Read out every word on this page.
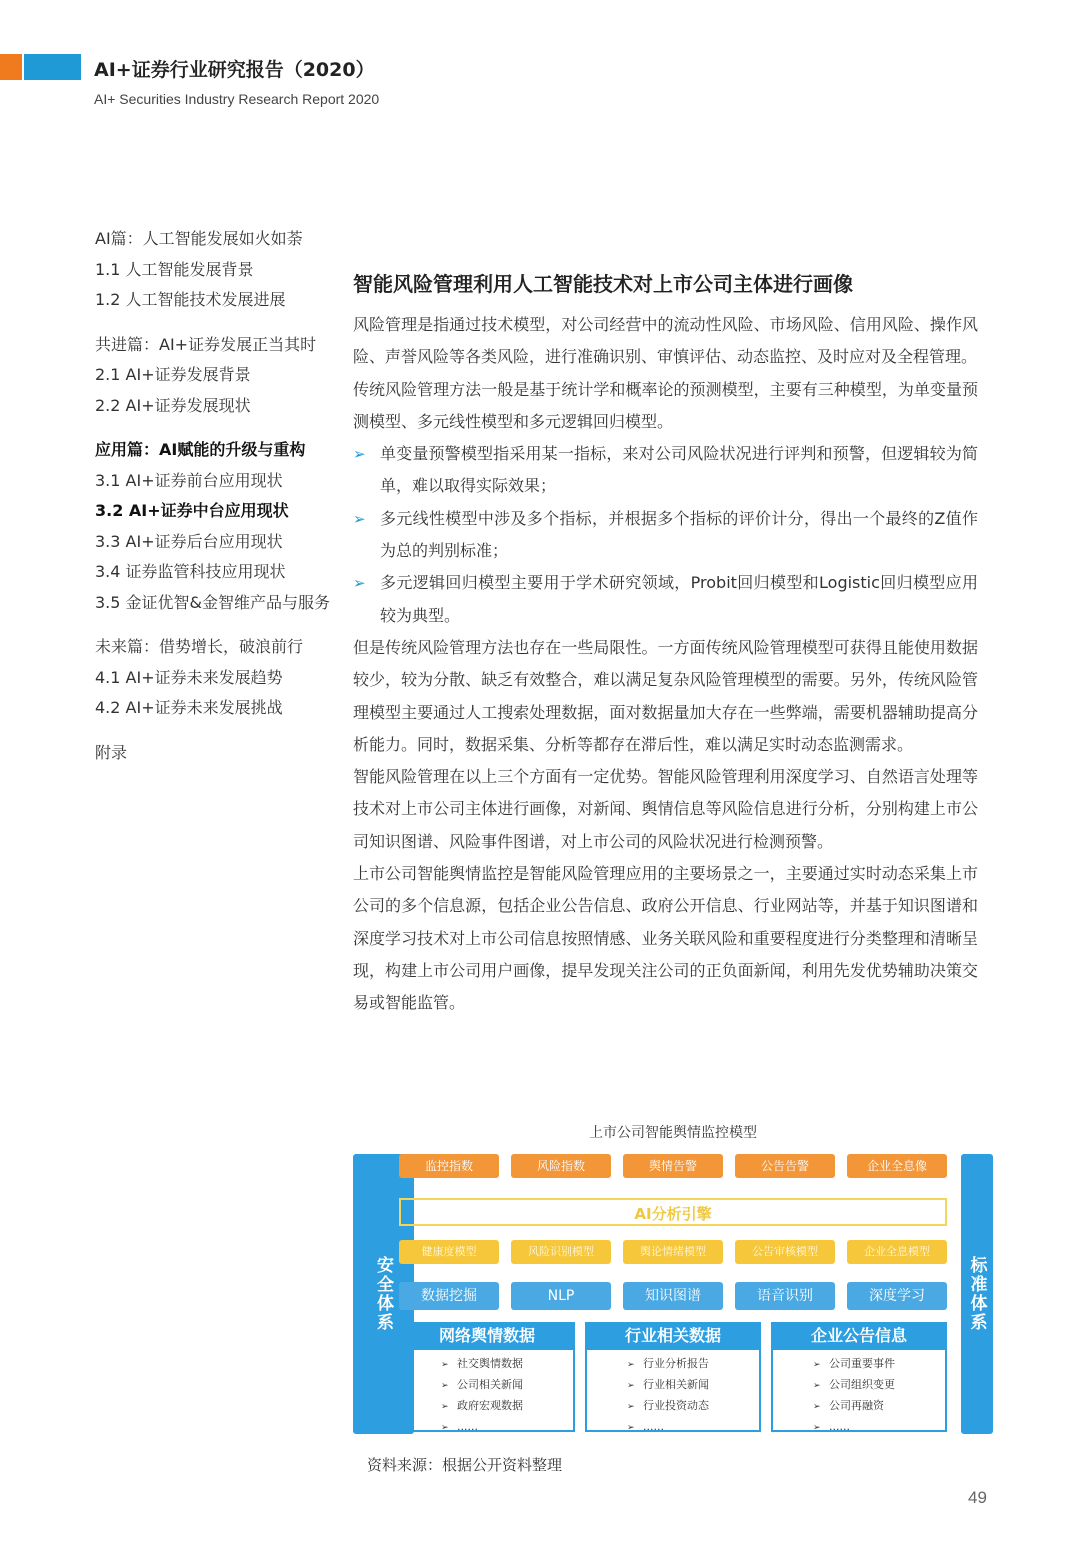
AI+证券行业研究报告（2020）
AI+ Securities Industry Research Report 2020
AI篇：人工智能发展如火如荼
1.1 人工智能发展背景
1.2 人工智能技术发展进展
共进篇：AI+证券发展正当其时
2.1 AI+证券发展背景
2.2 AI+证券发展现状
应用篇：AI赋能的升级与重构
3.1 AI+证券前台应用现状
3.2 AI+证券中台应用现状
3.3 AI+证券后台应用现状
3.4 证券监管科技应用现状
3.5 金证优智&金智维产品与服务
未来篇：借势增长，破浪前行
4.1 AI+证券未来发展趋势
4.2 AI+证券未来发展挑战
附录
智能风险管理利用人工智能技术对上市公司主体进行画像

风险管理是指通过技术模型，对公司经营中的流动性风险、市场风险、信用风险、操作风险、声誉风险等各类风险，进行准确识别、审慎评估、动态监控、及时应对及全程管理。

传统风险管理方法一般是基于统计学和概率论的预测模型，主要有三种模型，为单变量预测模型、多元线性模型和多元逻辑回归模型。

➢ 单变量预警模型指采用某一指标，来对公司风险状况进行评判和预警，但逻辑较为简单，难以取得实际效果；
➢ 多元线性模型中涉及多个指标，并根据多个指标的评价计分，得出一个最终的Z值作为总的判别标准；
➢ 多元逻辑回归模型主要用于学术研究领域，Probit回归模型和Logistic回归模型应用较为典型。

但是传统风险管理方法也存在一些局限性。一方面传统风险管理模型可获得且能使用数据较少，较为分散、缺乏有效整合，难以满足复杂风险管理模型的需要。另外，传统风险管理模型主要通过人工搜索处理数据，面对数据量加大存在一些弊端，需要机器辅助提高分析能力。同时，数据采集、分析等都存在滞后性，难以满足实时动态监测需求。

智能风险管理在以上三个方面有一定优势。智能风险管理利用深度学习、自然语言处理等技术对上市公司主体进行画像，对新闻、舆情信息等风险信息进行分析，分别构建上市公司知识图谱、风险事件图谱，对上市公司的风险状况进行检测预警。

上市公司智能舆情监控是智能风险管理应用的主要场景之一，主要通过实时动态采集上市公司的多个信息源，包括企业公告信息、政府公开信息、行业网站等，并基于知识图谱和深度学习技术对上市公司信息按照情感、业务关联风险和重要程度进行分类整理和清晰呈现，构建上市公司用户画像，提早发现关注公司的正负面新闻，利用先发优势辅助决策交易或智能监管。

上市公司智能舆情监控模型
安全体系	标准体系
监控指数	风险指数	舆情告警	公告告警	企业全息像
AI分析引擎
健康度模型	风险识别模型	舆论情绪模型	公告审核模型	企业全息模型
数据挖掘	NLP	知识图谱	语音识别	深度学习
网络舆情数据
➢ 社交舆情数据
➢ 公司相关新闻
➢ 政府宏观数据
➢ ......
行业相关数据
➢ 行业分析报告
➢ 行业相关新闻
➢ 行业投资动态
➢ ......
企业公告信息
➢ 公司重要事件
➢ 公司组织变更
➢ 公司再融资
➢ ......
资料来源：根据公开资料整理
49
